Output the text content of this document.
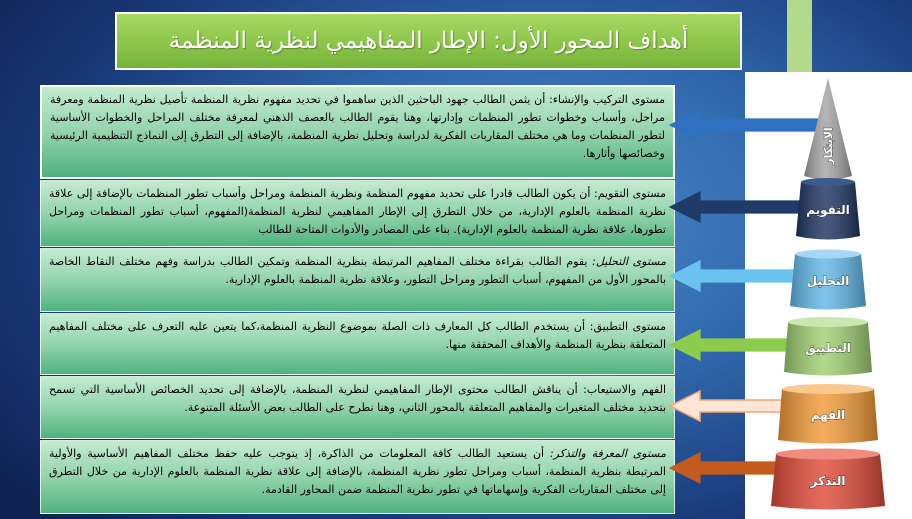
أهداف المحور الأول: الإطار المفاهيمي لنظرية المنظمة

مستوى التركيب والإنشاء: أن يثمن الطالب جهود الباحثين الذين ساهموا في تحديد مفهوم نظرية المنظمة تأصيل نظرية المنظمة ومعرفة مراحل، وأسباب وخطوات تطور المنظمات وإدارتها، وهنا يقوم الطالب بالعصف الذهني لمعرفة مختلف المراحل والخطوات الأساسية لتطور المنظمات وما هي مختلف المقاربات الفكرية لدراسة وتحليل نظرية المنظمة، بالإضافة إلى التطرق إلى النماذج التنظيمية الرئيسية وخصائصها وأثارها.

مستوى التقويم: أن يكون الطالب قادرا على تحديد مفهوم المنظمة ونظرية المنظمة ومراحل وأسباب تطور المنظمات بالإضافة إلى علاقة نظرية المنظمة بالعلوم الإدارية، من خلال التطرق إلى الإطار المفاهيمي لنظرية المنظمة(المفهوم، أسباب تطور المنظمات ومراحل تطورها، علاقة نظرية المنظمة بالعلوم الإدارية). بناء على المصادر والأدوات المتاحة للطالب

مستوى التحليل: يقوم الطالب بقراءة مختلف المفاهيم المرتبطة بنظرية المنظمة وتمكين الطالب بدراسة وفهم مختلف النقاط الخاصة بالمحور الأول من المفهوم، أسباب التطور ومراحل التطور، وعلاقة نظرية المنظمة بالعلوم الإدارية.

مستوى التطبيق: أن يستخدم الطالب كل المعارف ذات الصلة بموضوع النظرية المنظمة،كما يتعين عليه التعرف على مختلف المفاهيم المتعلقة بنظرية المنظمة والأهداف المحققة منها.

الفهم والاستيعاب: أن يناقش الطالب محتوى الإطار المفاهيمي لنظرية المنظمة، بالإضافة إلى تحديد الخصائص الأساسية التي تسمح بتحديد مختلف المتغيرات والمفاهيم المتعلقة بالمحور الثاني، وهنا نطرح على الطالب بعض الأسئلة المتنوعة.

مستوى المعرفة والتذكر: أن يستعيد الطالب كافة المعلومات من الذاكرة، إذ يتوجب عليه حفظ مختلف المفاهيم الأساسية والأولية المرتبطة بنظرية المنظمة، أسباب ومراحل تطور نظرية المنظمة، بالإضافة إلى علاقة نظرية المنظمة بالعلوم الإدارية من خلال التطرق إلى مختلف المقاربات الفكرية وإسهاماتها في تطور نظرية المنظمة ضمن المحاور القادمة.

الابتكار
التقويم
التحليل
التطبيق
الفهم
التذكر
